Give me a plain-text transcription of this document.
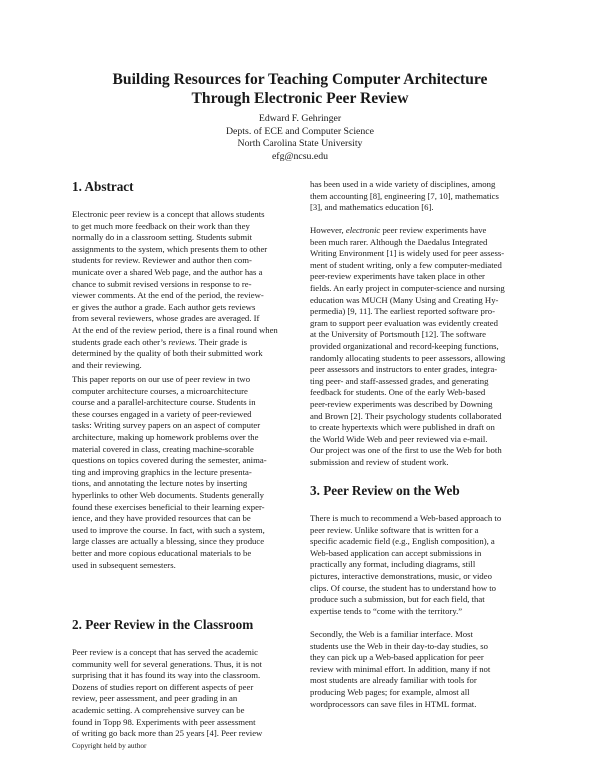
Building Resources for Teaching Computer Architecture
Through Electronic Peer Review
Edward F. Gehringer
Depts. of ECE and Computer Science
North Carolina State University
efg@ncsu.edu
1. Abstract

Electronic peer review is a concept that allows students
to get much more feedback on their work than they
normally do in a classroom setting. Students submit
assignments to the system, which presents them to other
students for review. Reviewer and author then com-
municate over a shared Web page, and the author has a
chance to submit revised versions in response to re-
viewer comments. At the end of the period, the review-
er gives the author a grade. Each author gets reviews
from several reviewers, whose grades are averaged. If
At the end of the review period, there is a final round when
students grade each other’s reviews. Their grade is
determined by the quality of both their submitted work
and their reviewing.

This paper reports on our use of peer review in two
computer architecture courses, a microarchitecture
course and a parallel-architecture course. Students in
these courses engaged in a variety of peer-reviewed
tasks: Writing survey papers on an aspect of computer
architecture, making up homework problems over the
material covered in class, creating machine-scorable
questions on topics covered during the semester, anima-
ting and improving graphics in the lecture presenta-
tions, and annotating the lecture notes by inserting
hyperlinks to other Web documents. Students generally
found these exercises beneficial to their learning exper-
ience, and they have provided resources that can be
used to improve the course. In fact, with such a system,
large classes are actually a blessing, since they produce
better and more copious educational materials to be
used in subsequent semesters.

2. Peer Review in the Classroom

Peer review is a concept that has served the academic
community well for several generations. Thus, it is not
surprising that it has found its way into the classroom.
Dozens of studies report on different aspects of peer
review, peer assessment, and peer grading in an
academic setting. A comprehensive survey can be
found in Topp 98. Experiments with peer assessment
of writing go back more than 25 years [4]. Peer review

has been used in a wide variety of disciplines, among
them accounting [8], engineering [7, 10], mathematics
[3], and mathematics education [6].

However, electronic peer review experiments have
been much rarer. Although the Daedalus Integrated
Writing Environment [1] is widely used for peer assess-
ment of student writing, only a few computer-mediated
peer-review experiments have taken place in other
fields. An early project in computer-science and nursing
education was MUCH (Many Using and Creating Hy-
permedia) [9, 11]. The earliest reported software pro-
gram to support peer evaluation was evidently created
at the University of Portsmouth [12]. The software
provided organizational and record-keeping functions,
randomly allocating students to peer assessors, allowing
peer assessors and instructors to enter grades, integra-
ting peer- and staff-assessed grades, and generating
feedback for students. One of the early Web-based
peer-review experiments was described by Downing
and Brown [2]. Their psychology students collaborated
to create hypertexts which were published in draft on
the World Wide Web and peer reviewed via e-mail.
Our project was one of the first to use the Web for both
submission and review of student work.

3. Peer Review on the Web

There is much to recommend a Web-based approach to
peer review. Unlike software that is written for a
specific academic field (e.g., English composition), a
Web-based application can accept submissions in
practically any format, including diagrams, still
pictures, interactive demonstrations, music, or video
clips. Of course, the student has to understand how to
produce such a submission, but for each field, that
expertise tends to “come with the territory.”

Secondly, the Web is a familiar interface. Most
students use the Web in their day-to-day studies, so
they can pick up a Web-based application for peer
review with minimal effort. In addition, many if not
most students are already familiar with tools for
producing Web pages; for example, almost all
wordprocessors can save files in HTML format.

Copyright held by author
